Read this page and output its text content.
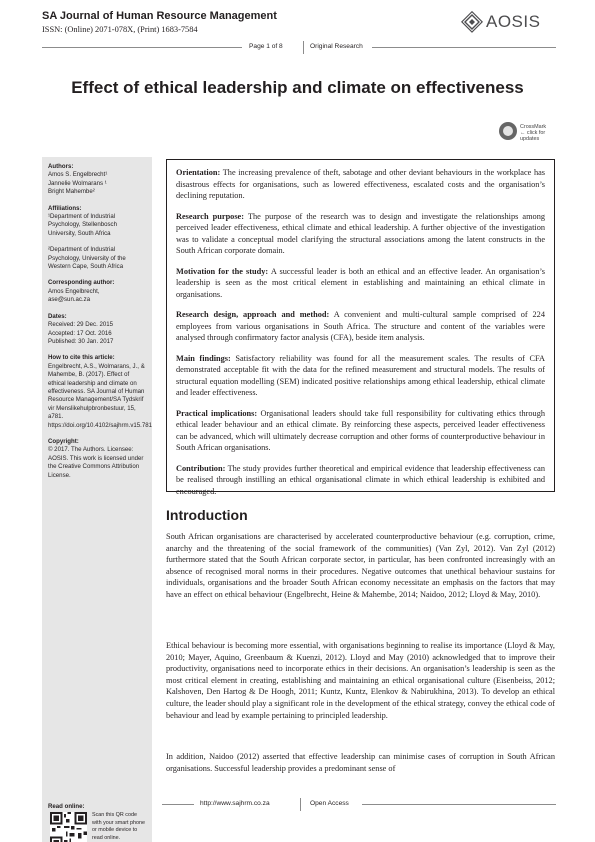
SA Journal of Human Resource Management
ISSN: (Online) 2071-078X, (Print) 1683-7584	AOSIS
Page 1 of 8	Original Research
Effect of ethical leadership and climate on effectiveness
CrossMark ← click for updates
Authors:
Amos S. Engelbrecht¹
Jannelie Wolmarans ¹
Bright Mahembe²
Affiliations:
¹Department of Industrial Psychology, Stellenbosch University, South Africa
²Department of Industrial Psychology, University of the Western Cape, South Africa
Corresponding author:
Amos Engelbrecht,
ase@sun.ac.za
Dates:
Received: 29 Dec. 2015
Accepted: 17 Oct. 2016
Published: 30 Jan. 2017
How to cite this article:
Engelbrecht, A.S., Wolmarans, J., & Mahembe, B. (2017). Effect of ethical leadership and climate on effectiveness. SA Journal of Human Resource Management/SA Tydskrif vir Menslikehulpbronbestuur, 15, a781. https://doi.org/10.4102/sajhrm.v15.781
Copyright:
© 2017. The Authors. Licensee: AOSIS. This work is licensed under the Creative Commons Attribution License.
Read online:
Scan this QR code with your smart phone or mobile device to read online.

Orientation: The increasing prevalence of theft, sabotage and other deviant behaviours in the workplace has disastrous effects for organisations, such as lowered effectiveness, escalated costs and the organisation’s declining reputation.

Research purpose: The purpose of the research was to design and investigate the relationships among perceived leader effectiveness, ethical climate and ethical leadership. A further objective of the investigation was to validate a conceptual model clarifying the structural associations among the latent constructs in the South African corporate domain.

Motivation for the study: A successful leader is both an ethical and an effective leader. An organisation’s leadership is seen as the most critical element in establishing and maintaining an ethical climate in organisations.

Research design, approach and method: A convenient and multi-cultural sample comprised of 224 employees from various organisations in South Africa. The structure and content of the variables were analysed through confirmatory factor analysis (CFA), beside item analysis.

Main findings: Satisfactory reliability was found for all the measurement scales. The results of CFA demonstrated acceptable fit with the data for the refined measurement and structural models. The results of structural equation modelling (SEM) indicated positive relationships among ethical leadership, ethical climate and leader effectiveness.

Practical implications: Organisational leaders should take full responsibility for cultivating ethics through ethical leader behaviour and an ethical climate. By reinforcing these aspects, perceived leader effectiveness can be advanced, which will ultimately decrease corruption and other forms of counterproductive behaviour in South African organisations.

Contribution: The study provides further theoretical and empirical evidence that leadership effectiveness can be realised through instilling an ethical organisational climate in which ethical leadership is exhibited and encouraged.

Introduction

South African organisations are characterised by accelerated counterproductive behaviour (e.g. corruption, crime, anarchy and the threatening of the social framework of the communities) (Van Zyl, 2012). Van Zyl (2012) furthermore stated that the South African corporate sector, in particular, has been confronted increasingly with an absence of recognised moral norms in their procedures. Negative outcomes that unethical behaviour sustains for individuals, organisations and the broader South African economy necessitate an emphasis on the factors that may have an effect on ethical behaviour (Engelbrecht, Heine & Mahembe, 2014; Naidoo, 2012; Lloyd & May, 2010).

Ethical behaviour is becoming more essential, with organisations beginning to realise its importance (Lloyd & May, 2010; Mayer, Aquino, Greenbaum & Kuenzi, 2012). Lloyd and May (2010) acknowledged that to improve their productivity, organisations need to incorporate ethics in their decisions. An organisation’s leadership is seen as the most critical element in creating, establishing and maintaining an ethical organisational culture (Eisenbeiss, 2012; Kalshoven, Den Hartog & De Hoogh, 2011; Kuntz, Kuntz, Elenkov & Nabirukhina, 2013). To develop an ethical culture, the leader should play a significant role in the development of the ethical strategy, convey the ethical code of behaviour and lead by example pertaining to principled leadership.

In addition, Naidoo (2012) asserted that effective leadership can minimise cases of corruption in South African organisations. Successful leadership provides a predominant sense of

http://www.sajhrm.co.za	Open Access
